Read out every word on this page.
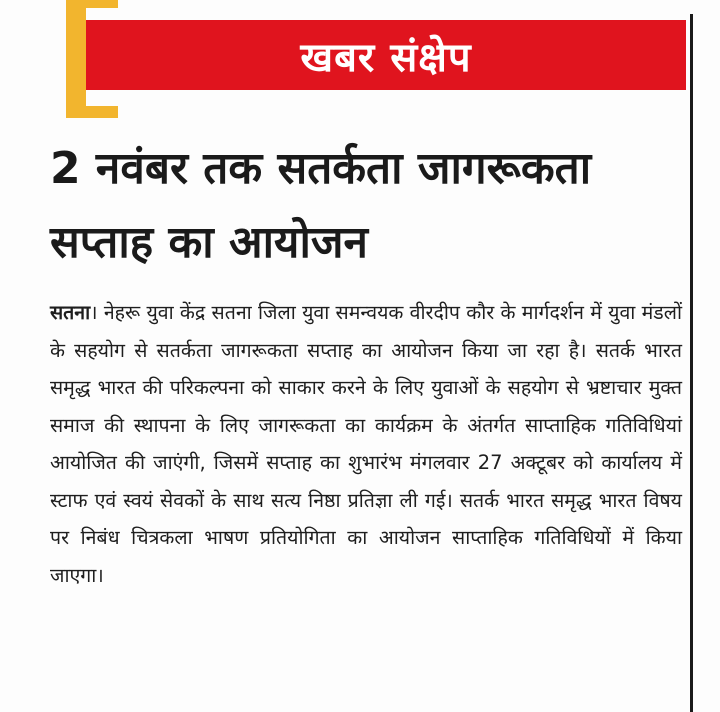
खबर संक्षेप
2 नवंबर तक सतर्कता जागरूकता सप्ताह का आयोजन

सतना। नेहरू युवा केंद्र सतना जिला युवा समन्वयक वीरदीप कौर के मार्गदर्शन में युवा मंडलों के सहयोग से सतर्कता जागरूकता सप्ताह का आयोजन किया जा रहा है। सतर्क भारत समृद्ध भारत की परिकल्पना को साकार करने के लिए युवाओं के सहयोग से भ्रष्टाचार मुक्त समाज की स्थापना के लिए जागरूकता का कार्यक्रम के अंतर्गत साप्ताहिक गतिविधियां आयोजित की जाएंगी, जिसमें सप्ताह का शुभारंभ मंगलवार 27 अक्टूबर को कार्यालय में स्टाफ एवं स्वयं सेवकों के साथ सत्य निष्ठा प्रतिज्ञा ली गई। सतर्क भारत समृद्ध भारत विषय पर निबंध चित्रकला भाषण प्रतियोगिता का आयोजन साप्ताहिक गतिविधियों में किया जाएगा।
